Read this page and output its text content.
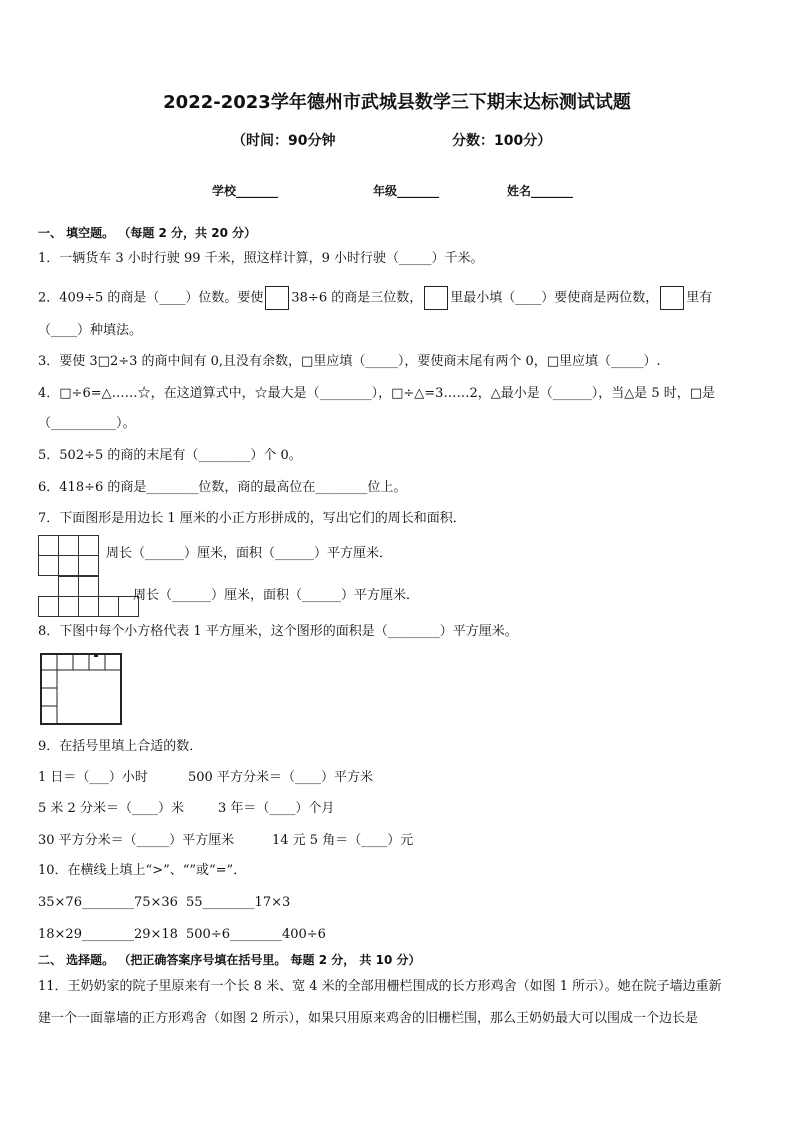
2022-2023学年德州市武城县数学三下期末达标测试试题
（时间：90分钟	分数：100分）
学校_______	年级_______	姓名_______
一、 填空题。 （每题 2 分，共 20 分）
1．一辆货车 3 小时行驶 99 千米，照这样计算，9 小时行驶（_____）千米。
2．409÷5 的商是（____）位数。要使 38÷6 的商是三位数， 里最小填（____）要使商是两位数， 里有
（____）种填法。
3．要使 3□2÷3 的商中间有 0,且没有余数，□里应填（_____），要使商末尾有两个 0，□里应填（_____）.
4．□÷6=△……☆，在这道算式中，☆最大是（________），□÷△=3……2，△最小是（______），当△是 5 时，□是
（__________）。
5．502÷5 的商的末尾有（________）个 0。
6．418÷6 的商是________位数，商的最高位在________位上。
7．下面图形是用边长 1 厘米的小正方形拼成的，写出它们的周长和面积．
周长（______）厘米，面积（______）平方厘米．
周长（______）厘米，面积（______）平方厘米．
8．下图中每个小方格代表 1 平方厘米，这个图形的面积是（________）平方厘米。
9．在括号里填上合适的数．
1 日＝（___）小时	500 平方分米＝（____）平方米
5 米 2 分米＝（____）米	3 年＝（____）个月
30 平方分米＝（_____）平方厘米	14 元 5 角＝（____）元
10．在横线上填上“>”、“”或“=”．
35×76________75×36 55________17×3
18×29________29×18 500÷6________400÷6
二、 选择题。 （把正确答案序号填在括号里。 每题 2 分， 共 10 分）
11．王奶奶家的院子里原来有一个长 8 米、宽 4 米的全部用栅栏围成的长方形鸡舍（如图 1 所示）。她在院子墙边重新
建一个一面靠墙的正方形鸡舍（如图 2 所示），如果只用原来鸡舍的旧栅栏围，那么王奶奶最大可以围成一个边长是
